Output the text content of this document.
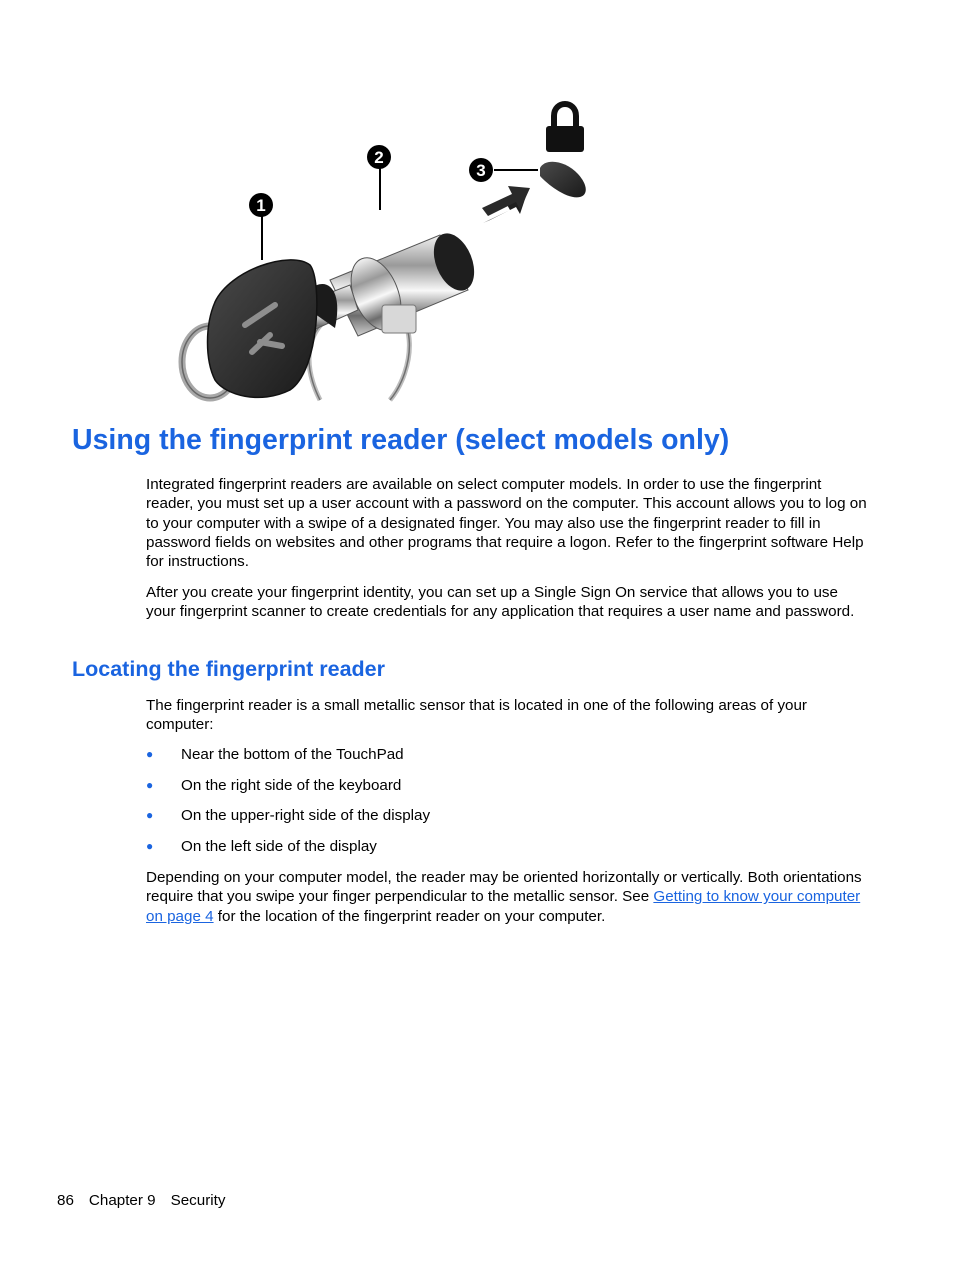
1
2
3
Using the fingerprint reader (select models only)

Integrated fingerprint readers are available on select computer models. In order to use the fingerprint reader, you must set up a user account with a password on the computer. This account allows you to log on to your computer with a swipe of a designated finger. You may also use the fingerprint reader to fill in password fields on websites and other programs that require a logon. Refer to the fingerprint software Help for instructions.

After you create your fingerprint identity, you can set up a Single Sign On service that allows you to use your fingerprint scanner to create credentials for any application that requires a user name and password.

Locating the fingerprint reader

The fingerprint reader is a small metallic sensor that is located in one of the following areas of your computer:

● Near the bottom of the TouchPad
● On the right side of the keyboard
● On the upper-right side of the display
● On the left side of the display

Depending on your computer model, the reader may be oriented horizontally or vertically. Both orientations require that you swipe your finger perpendicular to the metallic sensor. See Getting to know your computer on page 4 for the location of the fingerprint reader on your computer.

86 Chapter 9 Security
